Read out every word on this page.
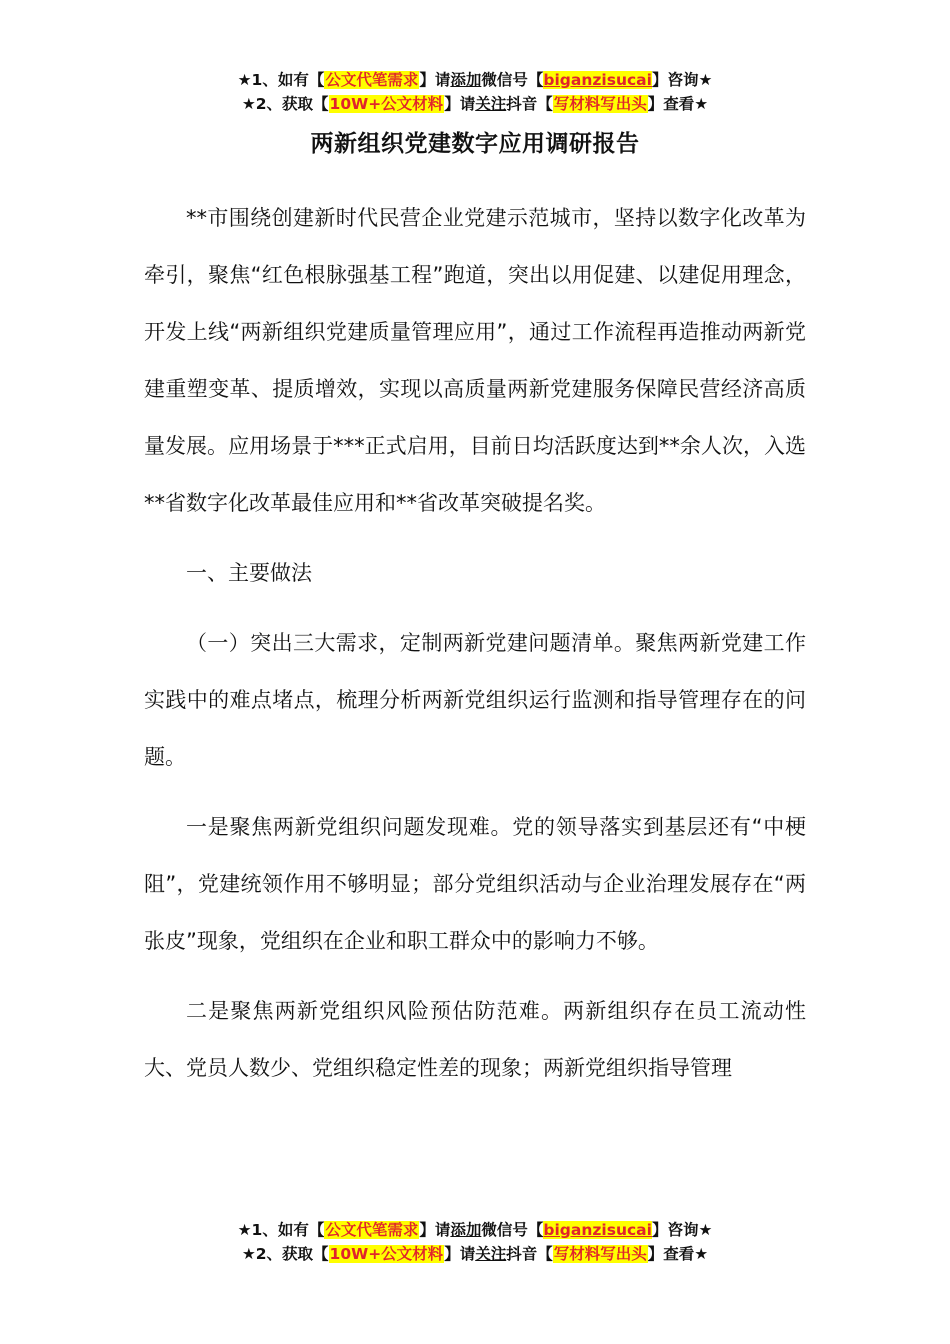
★1、如有【公文代笔需求】请添加微信号【biganzisucai】咨询★
★2、获取【10W+公文材料】请关注抖音【写材料写出头】查看★
两新组织党建数字应用调研报告

**市围绕创建新时代民营企业党建示范城市，坚持以数字化改革为牵引，聚焦“红色根脉强基工程”跑道，突出以用促建、以建促用理念，开发上线“两新组织党建质量管理应用”，通过工作流程再造推动两新党建重塑变革、提质增效，实现以高质量两新党建服务保障民营经济高质量发展。应用场景于***正式启用，目前日均活跃度达到**余人次，入选**省数字化改革最佳应用和**省改革突破提名奖。

一、主要做法

（一）突出三大需求，定制两新党建问题清单。聚焦两新党建工作实践中的难点堵点，梳理分析两新党组织运行监测和指导管理存在的问题。

一是聚焦两新党组织问题发现难。党的领导落实到基层还有“中梗阻”，党建统领作用不够明显；部分党组织活动与企业治理发展存在“两张皮”现象，党组织在企业和职工群众中的影响力不够。

二是聚焦两新党组织风险预估防范难。两新组织存在员工流动性大、党员人数少、党组织稳定性差的现象；两新党组织指导管理

★1、如有【公文代笔需求】请添加微信号【biganzisucai】咨询★
★2、获取【10W+公文材料】请关注抖音【写材料写出头】查看★
